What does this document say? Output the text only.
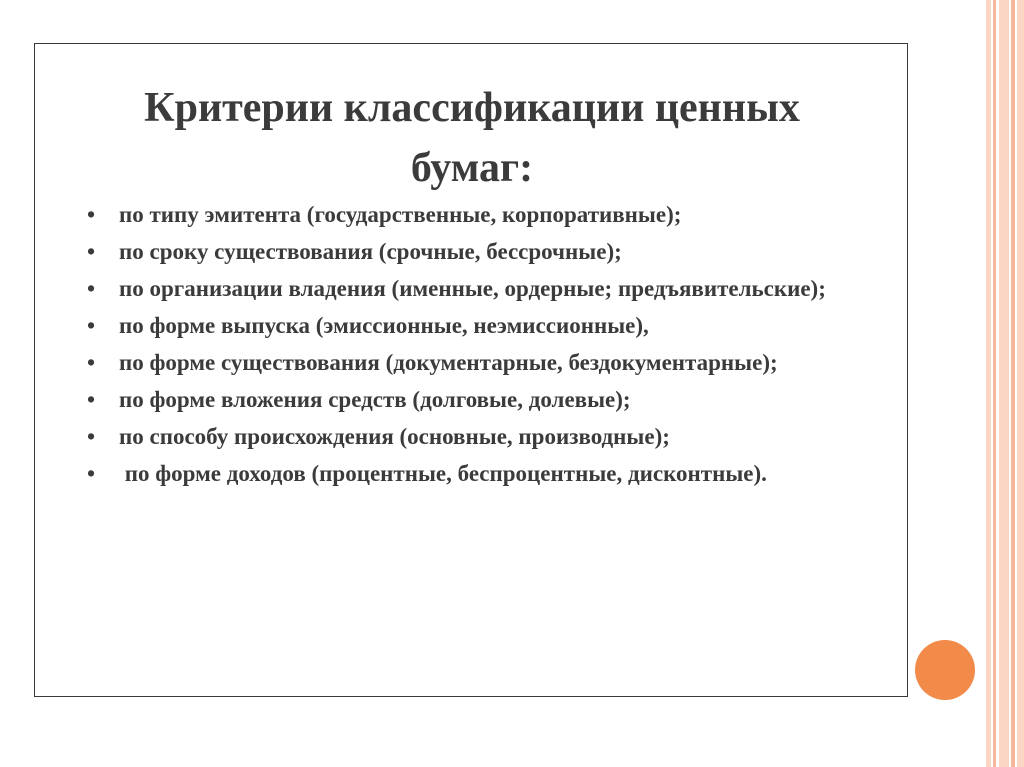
Критерии классификации ценных
бумаг:
• по типу эмитента (государственные, корпоративные);
• по сроку существования (срочные, бессрочные);
• по организации владения (именные, ордерные; предъявительские);
• по форме выпуска (эмиссионные, неэмиссионные),
• по форме существования (документарные, бездокументарные);
• по форме вложения средств (долговые, долевые);
• по способу происхождения (основные, производные);
• по форме доходов (процентные, беспроцентные, дисконтные).
